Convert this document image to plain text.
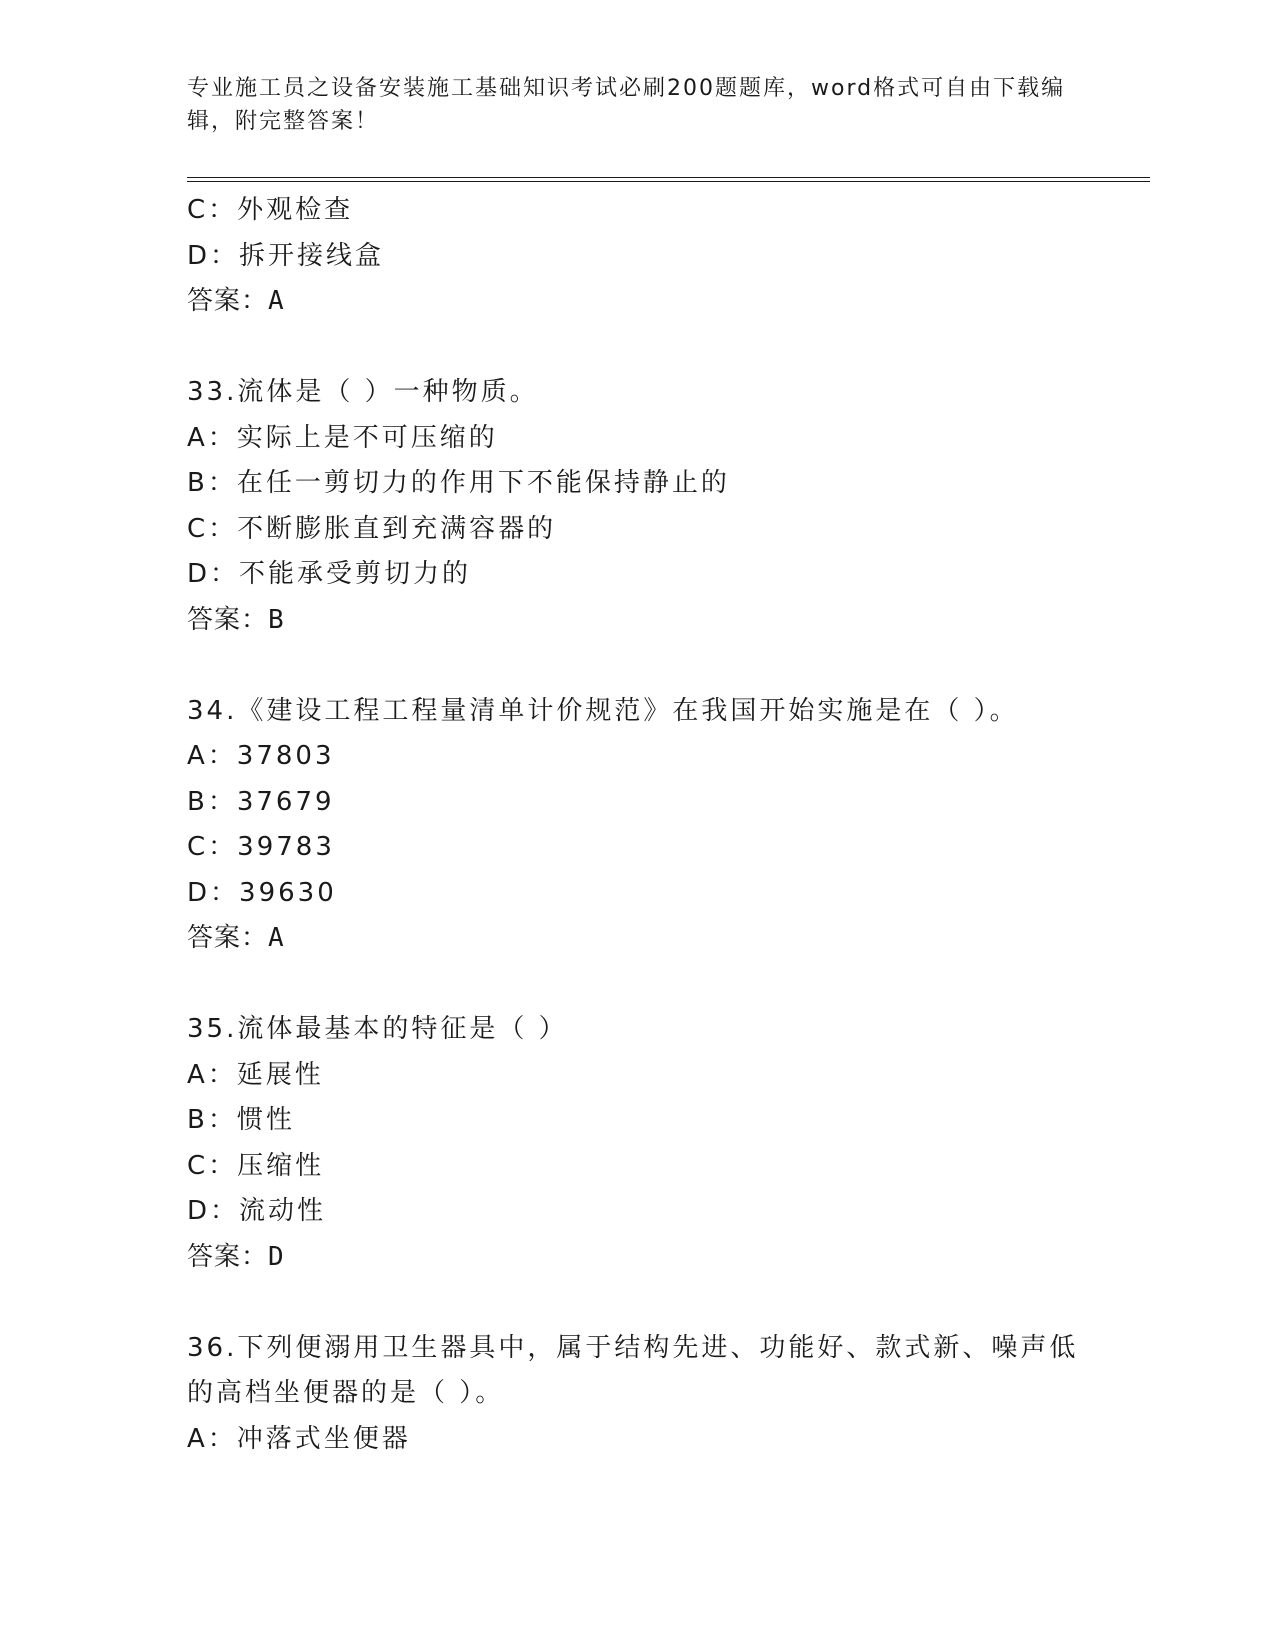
专业施工员之设备安装施工基础知识考试必刷200题题库，word格式可自由下载编辑，附完整答案！
C：外观检查
D：拆开接线盒
答案：A
33.流体是（ ）一种物质。
A：实际上是不可压缩的
B：在任一剪切力的作用下不能保持静止的
C：不断膨胀直到充满容器的
D：不能承受剪切力的
答案：B
34.《建设工程工程量清单计价规范》在我国开始实施是在（ ）。
A：37803
B：37679
C：39783
D：39630
答案：A
35.流体最基本的特征是（ ）
A：延展性
B：惯性
C：压缩性
D：流动性
答案：D
36.下列便溺用卫生器具中，属于结构先进、功能好、款式新、噪声低的高档坐便器的是（ ）。
A：冲落式坐便器
